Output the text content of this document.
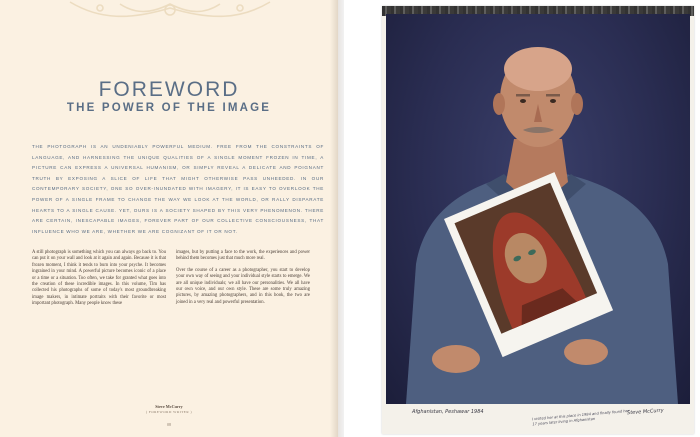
FOREWORD
THE POWER OF THE IMAGE

THE PHOTOGRAPH IS AN UNDENIABLY POWERFUL MEDIUM. FREE FROM THE CONSTRAINTS OF LANGUAGE, AND HARNESSING THE UNIQUE QUALITIES OF A SINGLE MOMENT FROZEN IN TIME, A PICTURE CAN EXPRESS A UNIVERSAL HUMANISM, OR SIMPLY REVEAL A DELICATE AND POIGNANT TRUTH BY EXPOSING A SLICE OF LIFE THAT MIGHT OTHERWISE PASS UNHEEDED. IN OUR CONTEMPORARY SOCIETY, ONE SO OVER-INUNDATED WITH IMAGERY, IT IS EASY TO OVERLOOK THE POWER OF A SINGLE FRAME TO CHANGE THE WAY WE LOOK AT THE WORLD, OR RALLY DISPARATE HEARTS TO A SINGLE CAUSE. YET, OURS IS A SOCIETY SHAPED BY THIS VERY PHENOMENON. THERE ARE CERTAIN, INESCAPABLE IMAGES, FOREVER PART OF OUR COLLECTIVE CONSCIOUSNESS, THAT INFLUENCE WHO WE ARE, WHETHER WE ARE COGNIZANT OF IT OR NOT.

A still photograph is something which you can always go back to. You can put it on your wall and look at it again and again. Because it is that frozen moment, I think it tends to burn into your psyche. It becomes ingrained in your mind. A powerful picture becomes iconic of a place or a time or a situation. Too often, we take for granted what goes into the creation of these incredible images. In this volume, Tim has collected his photographs of some of today's most groundbreaking image makers, in intimate portraits with their favorite or most important photograph. Many people know these

images, but by putting a face to the work, the experiences and power behind them becomes just that much more real.

Over the course of a career as a photographer, you start to develop your own way of seeing and your individual style starts to emerge. We are all unique individuals; we all have our personalities. We all have our own voice, and our own style. These are some truly amazing pictures, by amazing photographers, and in this book, the two are joined in a very real and powerful presentation.

Steve McCurry
( FOREWORD WRITER )
08
Afghanistan, Peshawar 1984	I visited her at this place in 1984 and finally found her 17 years later living in Afghanistan
Steve McCurry
